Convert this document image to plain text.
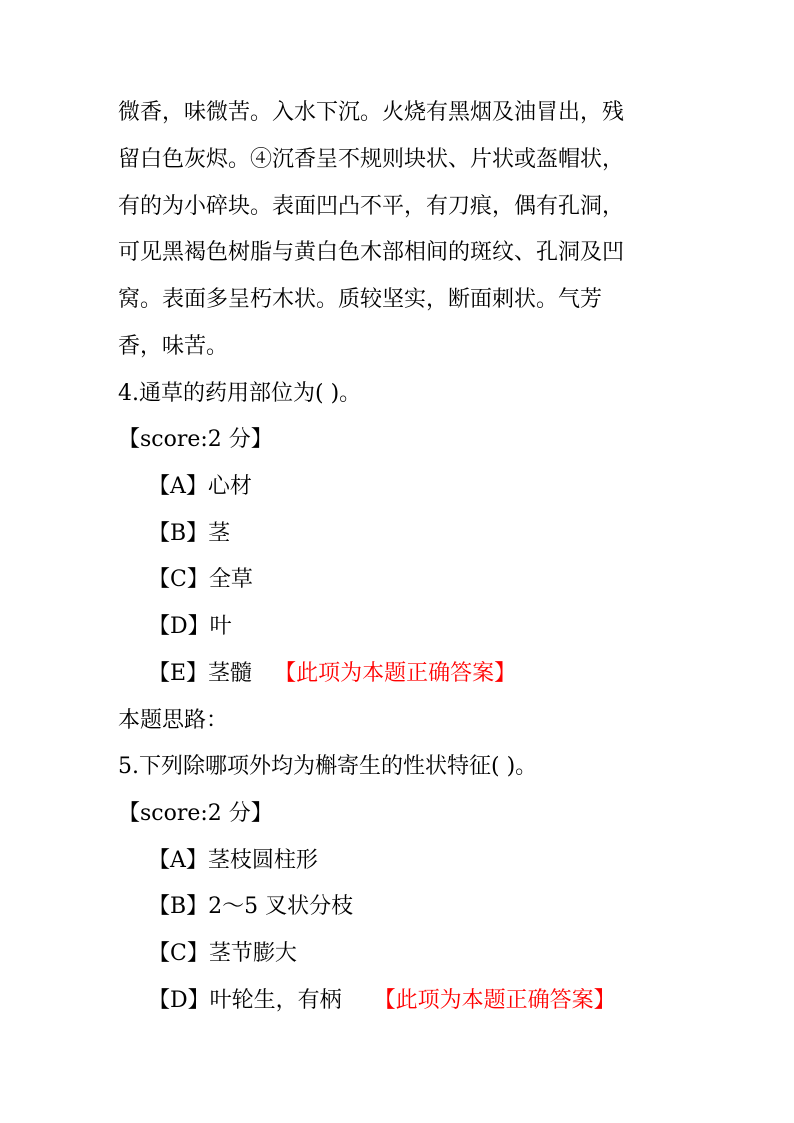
微香，味微苦。入水下沉。火烧有黑烟及油冒出，残
留白色灰烬。④沉香呈不规则块状、片状或盔帽状，
有的为小碎块。表面凹凸不平，有刀痕，偶有孔洞，
可见黑褐色树脂与黄白色木部相间的斑纹、孔洞及凹
窝。表面多呈朽木状。质较坚实，断面刺状。气芳
香，味苦。
4.通草的药用部位为( )。
【score:2 分】
【A】心材
【B】茎
【C】全草
【D】叶
【E】茎髓 【此项为本题正确答案】
本题思路：
5.下列除哪项外均为槲寄生的性状特征( )。
【score:2 分】
【A】茎枝圆柱形
【B】2～5 叉状分枝
【C】茎节膨大
【D】叶轮生，有柄 【此项为本题正确答案】
